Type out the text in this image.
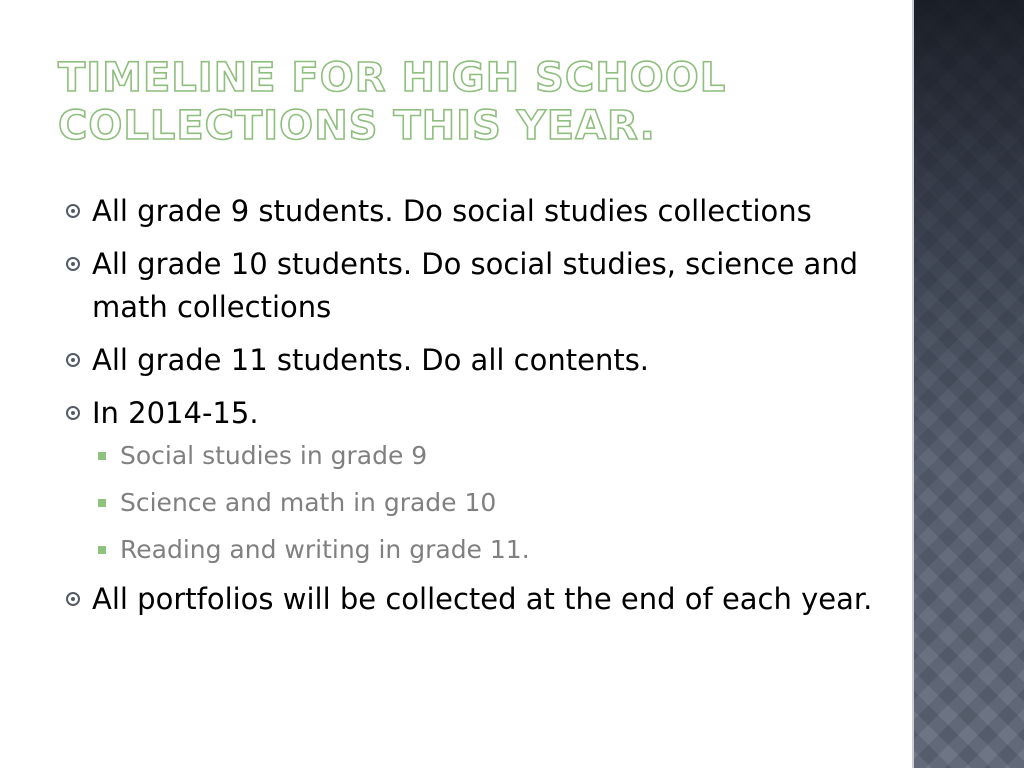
TIMELINE FOR HIGH SCHOOL COLLECTIONS THIS YEAR.
All grade 9 students. Do social studies collections
All grade 10 students. Do social studies, science and math collections
All grade 11 students. Do all contents.
In 2014-15.
Social studies in grade 9
Science and math in grade 10
Reading and writing in grade 11.
All portfolios will be collected at the end of each year.
